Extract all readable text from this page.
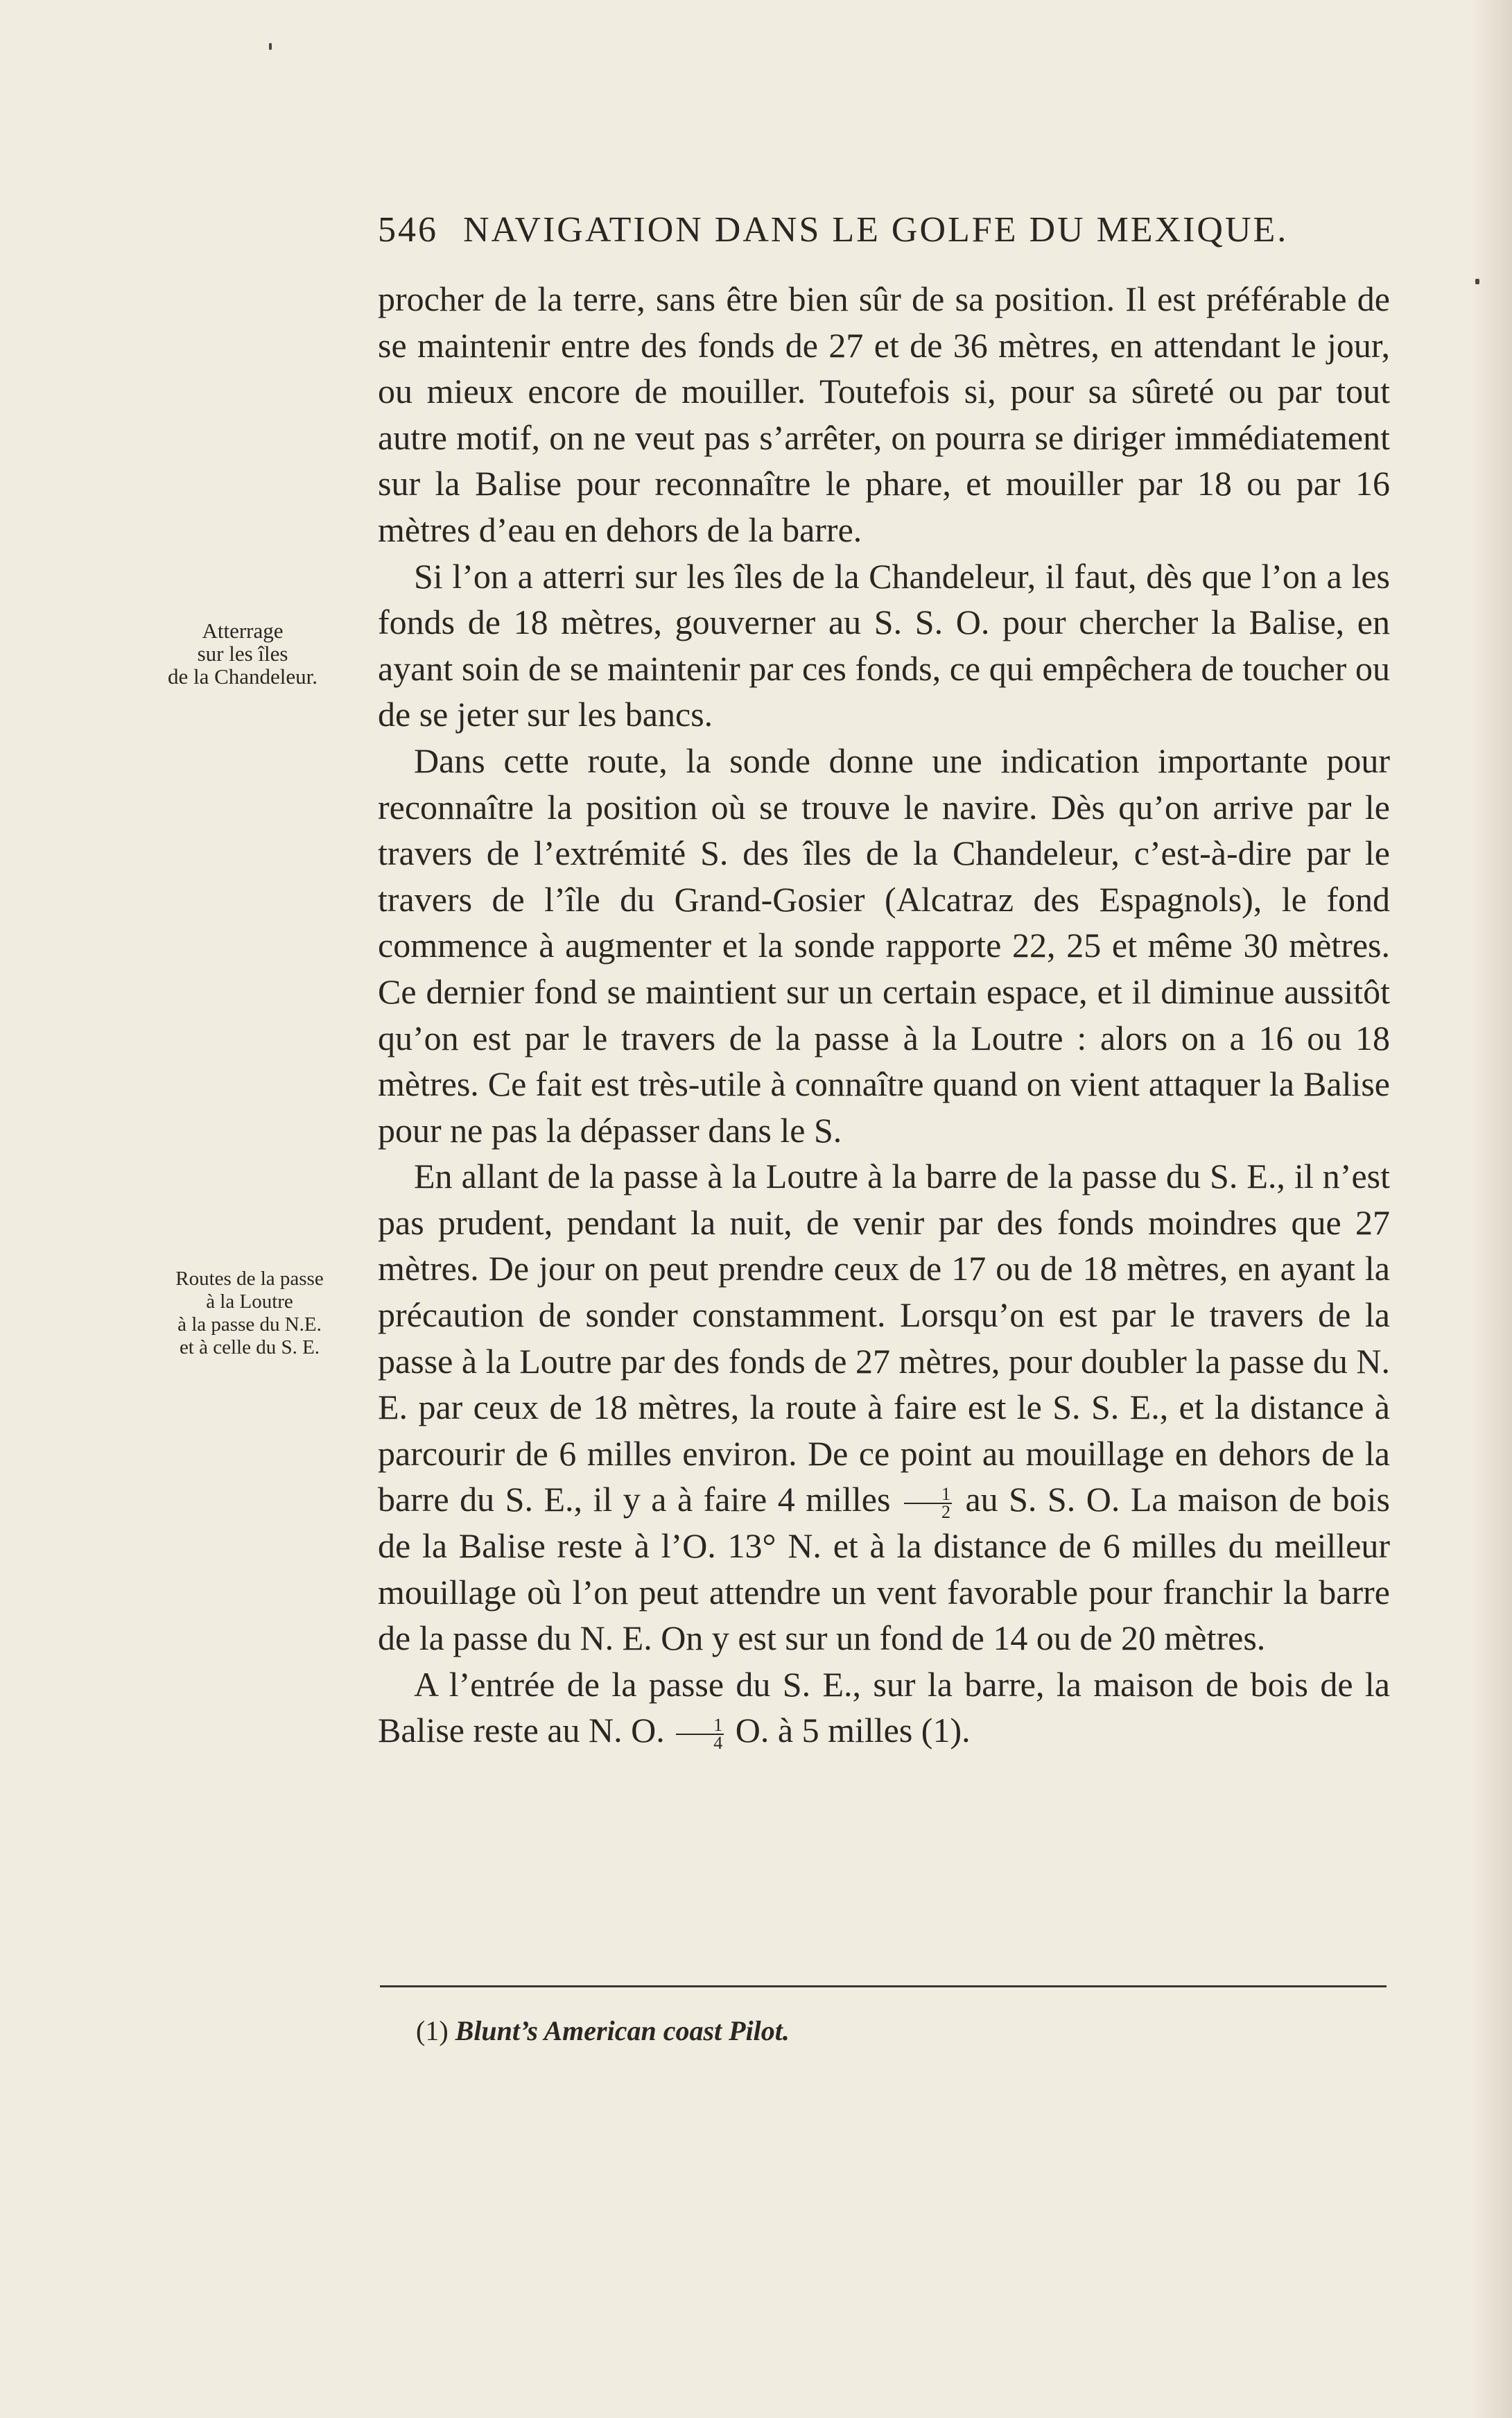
546 NAVIGATION DANS LE GOLFE DU MEXIQUE.
Atterrage
sur les îles
de la Chandeleur.
Routes de la passe
à la Loutre
à la passe du N.E.
et à celle du S. E.

procher de la terre, sans être bien sûr de sa position. Il est préférable de se maintenir entre des fonds de 27 et de 36 mètres, en attendant le jour, ou mieux encore de mouiller. Toutefois si, pour sa sûreté ou par tout autre motif, on ne veut pas s’arrêter, on pourra se diriger immédiatement sur la Balise pour reconnaître le phare, et mouiller par 18 ou par 16 mètres d’eau en dehors de la barre.

Si l’on a atterri sur les îles de la Chandeleur, il faut, dès que l’on a les fonds de 18 mètres, gouverner au S. S. O. pour chercher la Balise, en ayant soin de se maintenir par ces fonds, ce qui empêchera de toucher ou de se jeter sur les bancs.

Dans cette route, la sonde donne une indication importante pour reconnaître la position où se trouve le navire. Dès qu’on arrive par le travers de l’extrémité S. des îles de la Chandeleur, c’est-à-dire par le travers de l’île du Grand-Gosier (Alcatraz des Espagnols), le fond commence à augmenter et la sonde rapporte 22, 25 et même 30 mètres. Ce dernier fond se maintient sur un certain espace, et il diminue aussitôt qu’on est par le travers de la passe à la Loutre : alors on a 16 ou 18 mètres. Ce fait est très-utile à connaître quand on vient attaquer la Balise pour ne pas la dépasser dans le S.

En allant de la passe à la Loutre à la barre de la passe du S. E., il n’est pas prudent, pendant la nuit, de venir par des fonds moindres que 27 mètres. De jour on peut prendre ceux de 17 ou de 18 mètres, en ayant la précaution de sonder constamment. Lorsqu’on est par le travers de la passe à la Loutre par des fonds de 27 mètres, pour doubler la passe du N. E. par ceux de 18 mètres, la route à faire est le S. S. E., et la distance à parcourir de 6 milles environ. De ce point au mouillage en dehors de la barre du S. E., il y a à faire 4 milles $\frac{1}{2}$ au S. S. O. La maison de bois de la Balise reste à l’O. 13° N. et à la distance de 6 milles du meilleur mouillage où l’on peut attendre un vent favorable pour franchir la barre de la passe du N. E. On y est sur un fond de 14 ou de 20 mètres.

A l’entrée de la passe du S. E., sur la barre, la maison de bois de la Balise reste au N. O. $\frac{1}{4} O$. à 5 milles (1).

(1) Blunt’s American coast Pilot.
